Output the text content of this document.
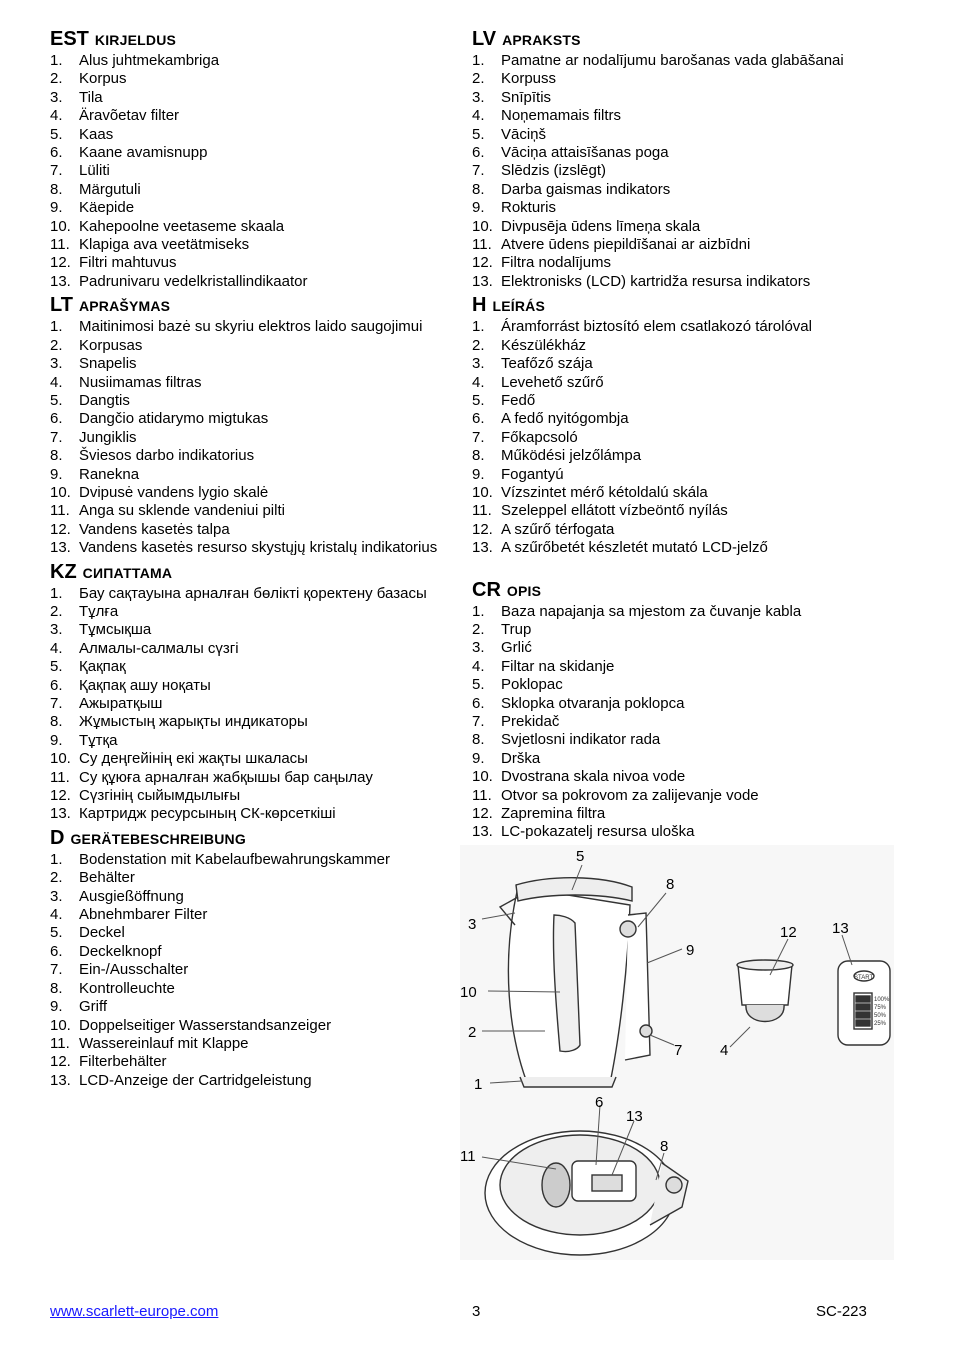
EST KIRJELDUS
1.	Alus juhtmekambriga
2.	Korpus
3.	Tila
4.	Äravõetav filter
5.	Kaas
6.	Kaane avamisnupp
7.	Lüliti
8.	Märgutuli
9.	Käepide
10. Kahepoolne veetaseme skaala
11. Klapiga ava veetätmiseks
12. Filtri mahtuvus
13. Padrunivaru vedelkristallindikaator
LT APRAŠYMAS
1.	Maitinimosi bazė su skyriu elektros laido saugojimui
2.	Korpusas
3.	Snapelis
4.	Nusiimamas filtras
5.	Dangtis
6.	Dangčio atidarymo migtukas
7.	Jungiklis
8.	Šviesos darbo indikatorius
9.	Ranekna
10. Dvipusė vandens lygio skalė
11. Anga su sklende vandeniui pilti
12. Vandens kasetės talpa
13. Vandens kasetės resurso skystųjų kristalų indikatorius
KZ СИПАТТАМА
1.	Бау сақтауына арналған бөлікті қоректену базасы
2.	Тұлға
3.	Тұмсықша
4.	Алмалы-салмалы сүзгі
5.	Қақпақ
6.	Қақпақ ашу ноқаты
7.	Ажыратқыш
8.	Жұмыстың жарықты индикаторы
9.	Тұтқа
10. Су деңгейінің екі жақты шкаласы
11. Су құюға арналған жабқышы бар саңылау
12. Сүзгінің сыйымдылығы
13. Картридж ресурсының СК-көрсеткіші
D GERÄTEBESCHREIBUNG
1.	Bodenstation mit Kabelaufbewahrungskammer
2.	Behälter
3.	Ausgießöffnung
4.	Abnehmbarer Filter
5.	Deckel
6.	Deckelknopf
7.	Ein-/Ausschalter
8.	Kontrolleuchte
9.	Griff
10. Doppelseitiger Wasserstandsanzeiger
11. Wassereinlauf mit Klappe
12. Filterbehälter
13. LCD-Anzeige der Cartridgeleistung
LV APRAKSTS
1.	Pamatne ar nodalījumu barošanas vada glabāšanai
2.	Korpuss
3.	Snīpītis
4.	Noņemamais filtrs
5.	Vāciņš
6.	Vāciņa attaisīšanas poga
7.	Slēdzis (izslēgt)
8.	Darba gaismas indikators
9.	Rokturis
10. Divpusēja ūdens līmeņa skala
11. Atvere ūdens piepildīšanai ar aizbīdni
12. Filtra nodalījums
13. Elektronisks (LCD) kartridža resursa indikators
H LEÍRÁS
1.	Áramforrást biztosító elem csatlakozó tárolóval
2.	Készülékház
3.	Teafőző szája
4.	Levehető szűrő
5.	Fedő
6.	A fedő nyitógombja
7.	Főkapcsoló
8.	Működési jelzőlámpa
9.	Fogantyú
10. Vízszintet mérő kétoldalú skála
11. Szeleppel ellátott vízbeöntő nyílás
12. A szűrő térfogata
13. A szűrőbetét készletét mutató LCD-jelző
CR OPIS
1.	Baza napajanja sa mjestom za čuvanje kabla
2.	Trup
3.	Grlić
4.	Filtar na skidanje
5.	Poklopac
6.	Sklopka otvaranja poklopca
7.	Prekidač
8.	Svjetlosni indikator rada
9.	Drška
10. Dvostrana skala nivoa vode
11. Otvor sa pokrovom za zalijevanje vode
12. Zapremina filtra
13. LC-pokazatelj resursa uloška
5
8
3
9
12 13
10
2
7	4
1
6
13
8
11
START
100%
75%
50%
25%
www.scarlett-europe.com	3	SC-223
